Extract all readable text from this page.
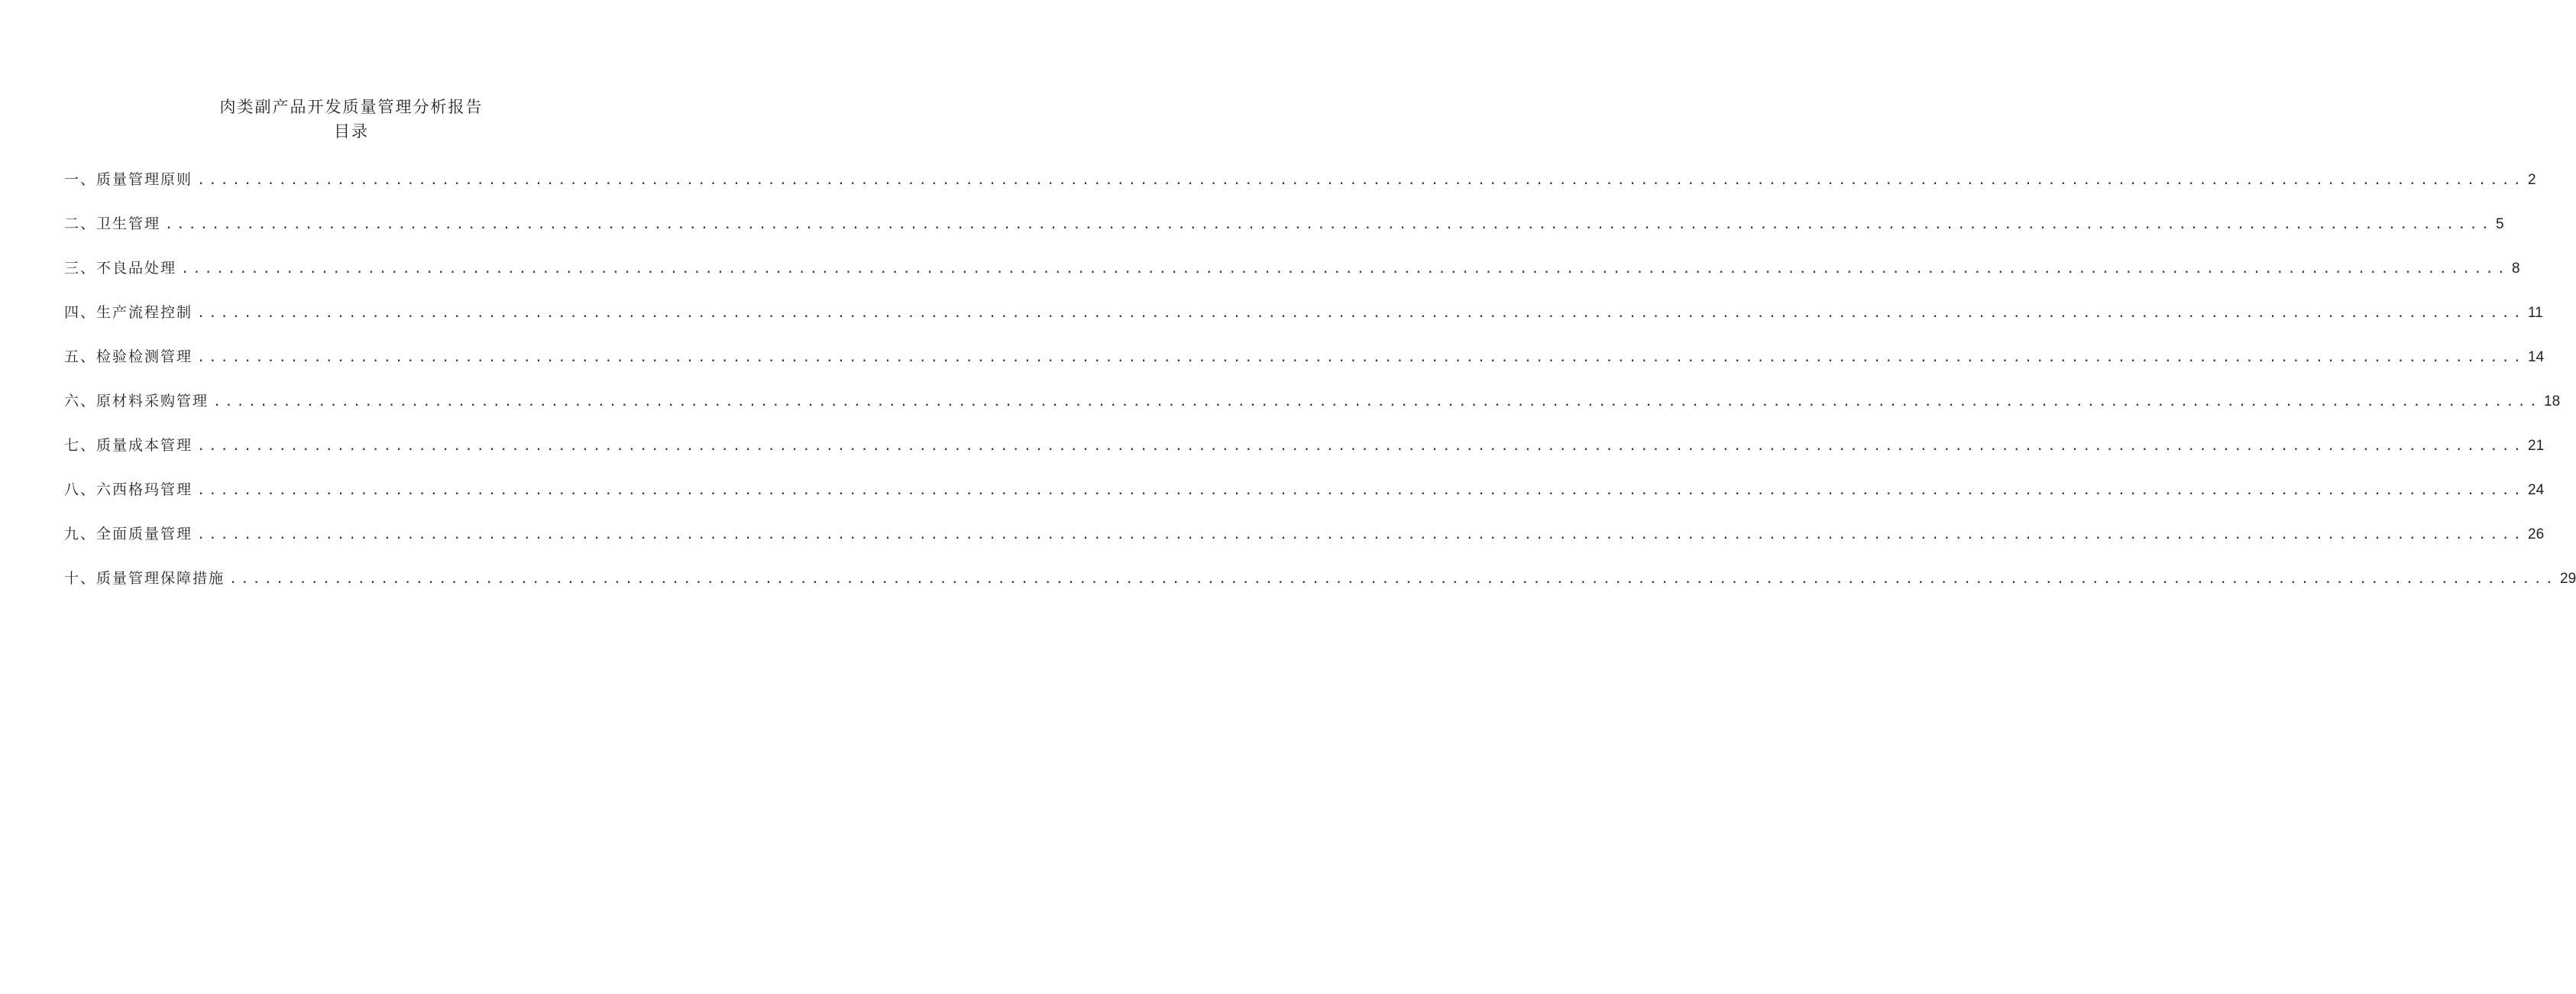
肉类副产品开发质量管理分析报告
目录
一、质量管理原则 ........................................................................................................................................................................................................ 2
二、卫生管理 ........................................................................................................................................................................................................ 5
三、不良品处理 ........................................................................................................................................................................................................ 8
四、生产流程控制 ........................................................................................................................................................................................................ 11
五、检验检测管理 ........................................................................................................................................................................................................ 14
六、原材料采购管理 ........................................................................................................................................................................................................ 18
七、质量成本管理 ........................................................................................................................................................................................................ 21
八、六西格玛管理 ........................................................................................................................................................................................................ 24
九、全面质量管理 ........................................................................................................................................................................................................ 26
十、质量管理保障措施 ........................................................................................................................................................................................................ 29
